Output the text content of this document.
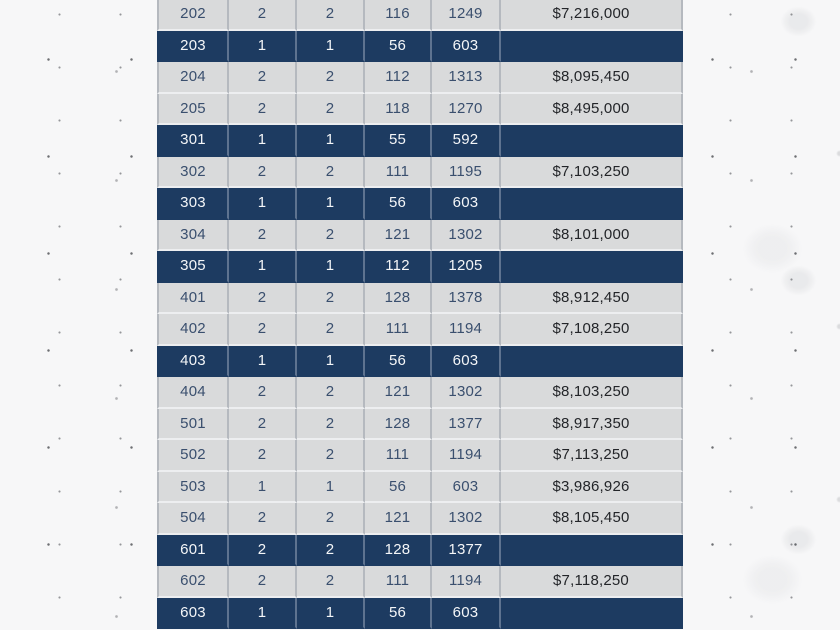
202	2	2	116	1249	$7,216,000
203	1	1	56	603	
204	2	2	112	1313	$8,095,450
205	2	2	118	1270	$8,495,000
301	1	1	55	592	
302	2	2	111	1195	$7,103,250
303	1	1	56	603	
304	2	2	121	1302	$8,101,000
305	1	1	112	1205	
401	2	2	128	1378	$8,912,450
402	2	2	111	1194	$7,108,250
403	1	1	56	603	
404	2	2	121	1302	$8,103,250
501	2	2	128	1377	$8,917,350
502	2	2	111	1194	$7,113,250
503	1	1	56	603	$3,986,926
504	2	2	121	1302	$8,105,450
601	2	2	128	1377	
602	2	2	111	1194	$7,118,250
603	1	1	56	603	
